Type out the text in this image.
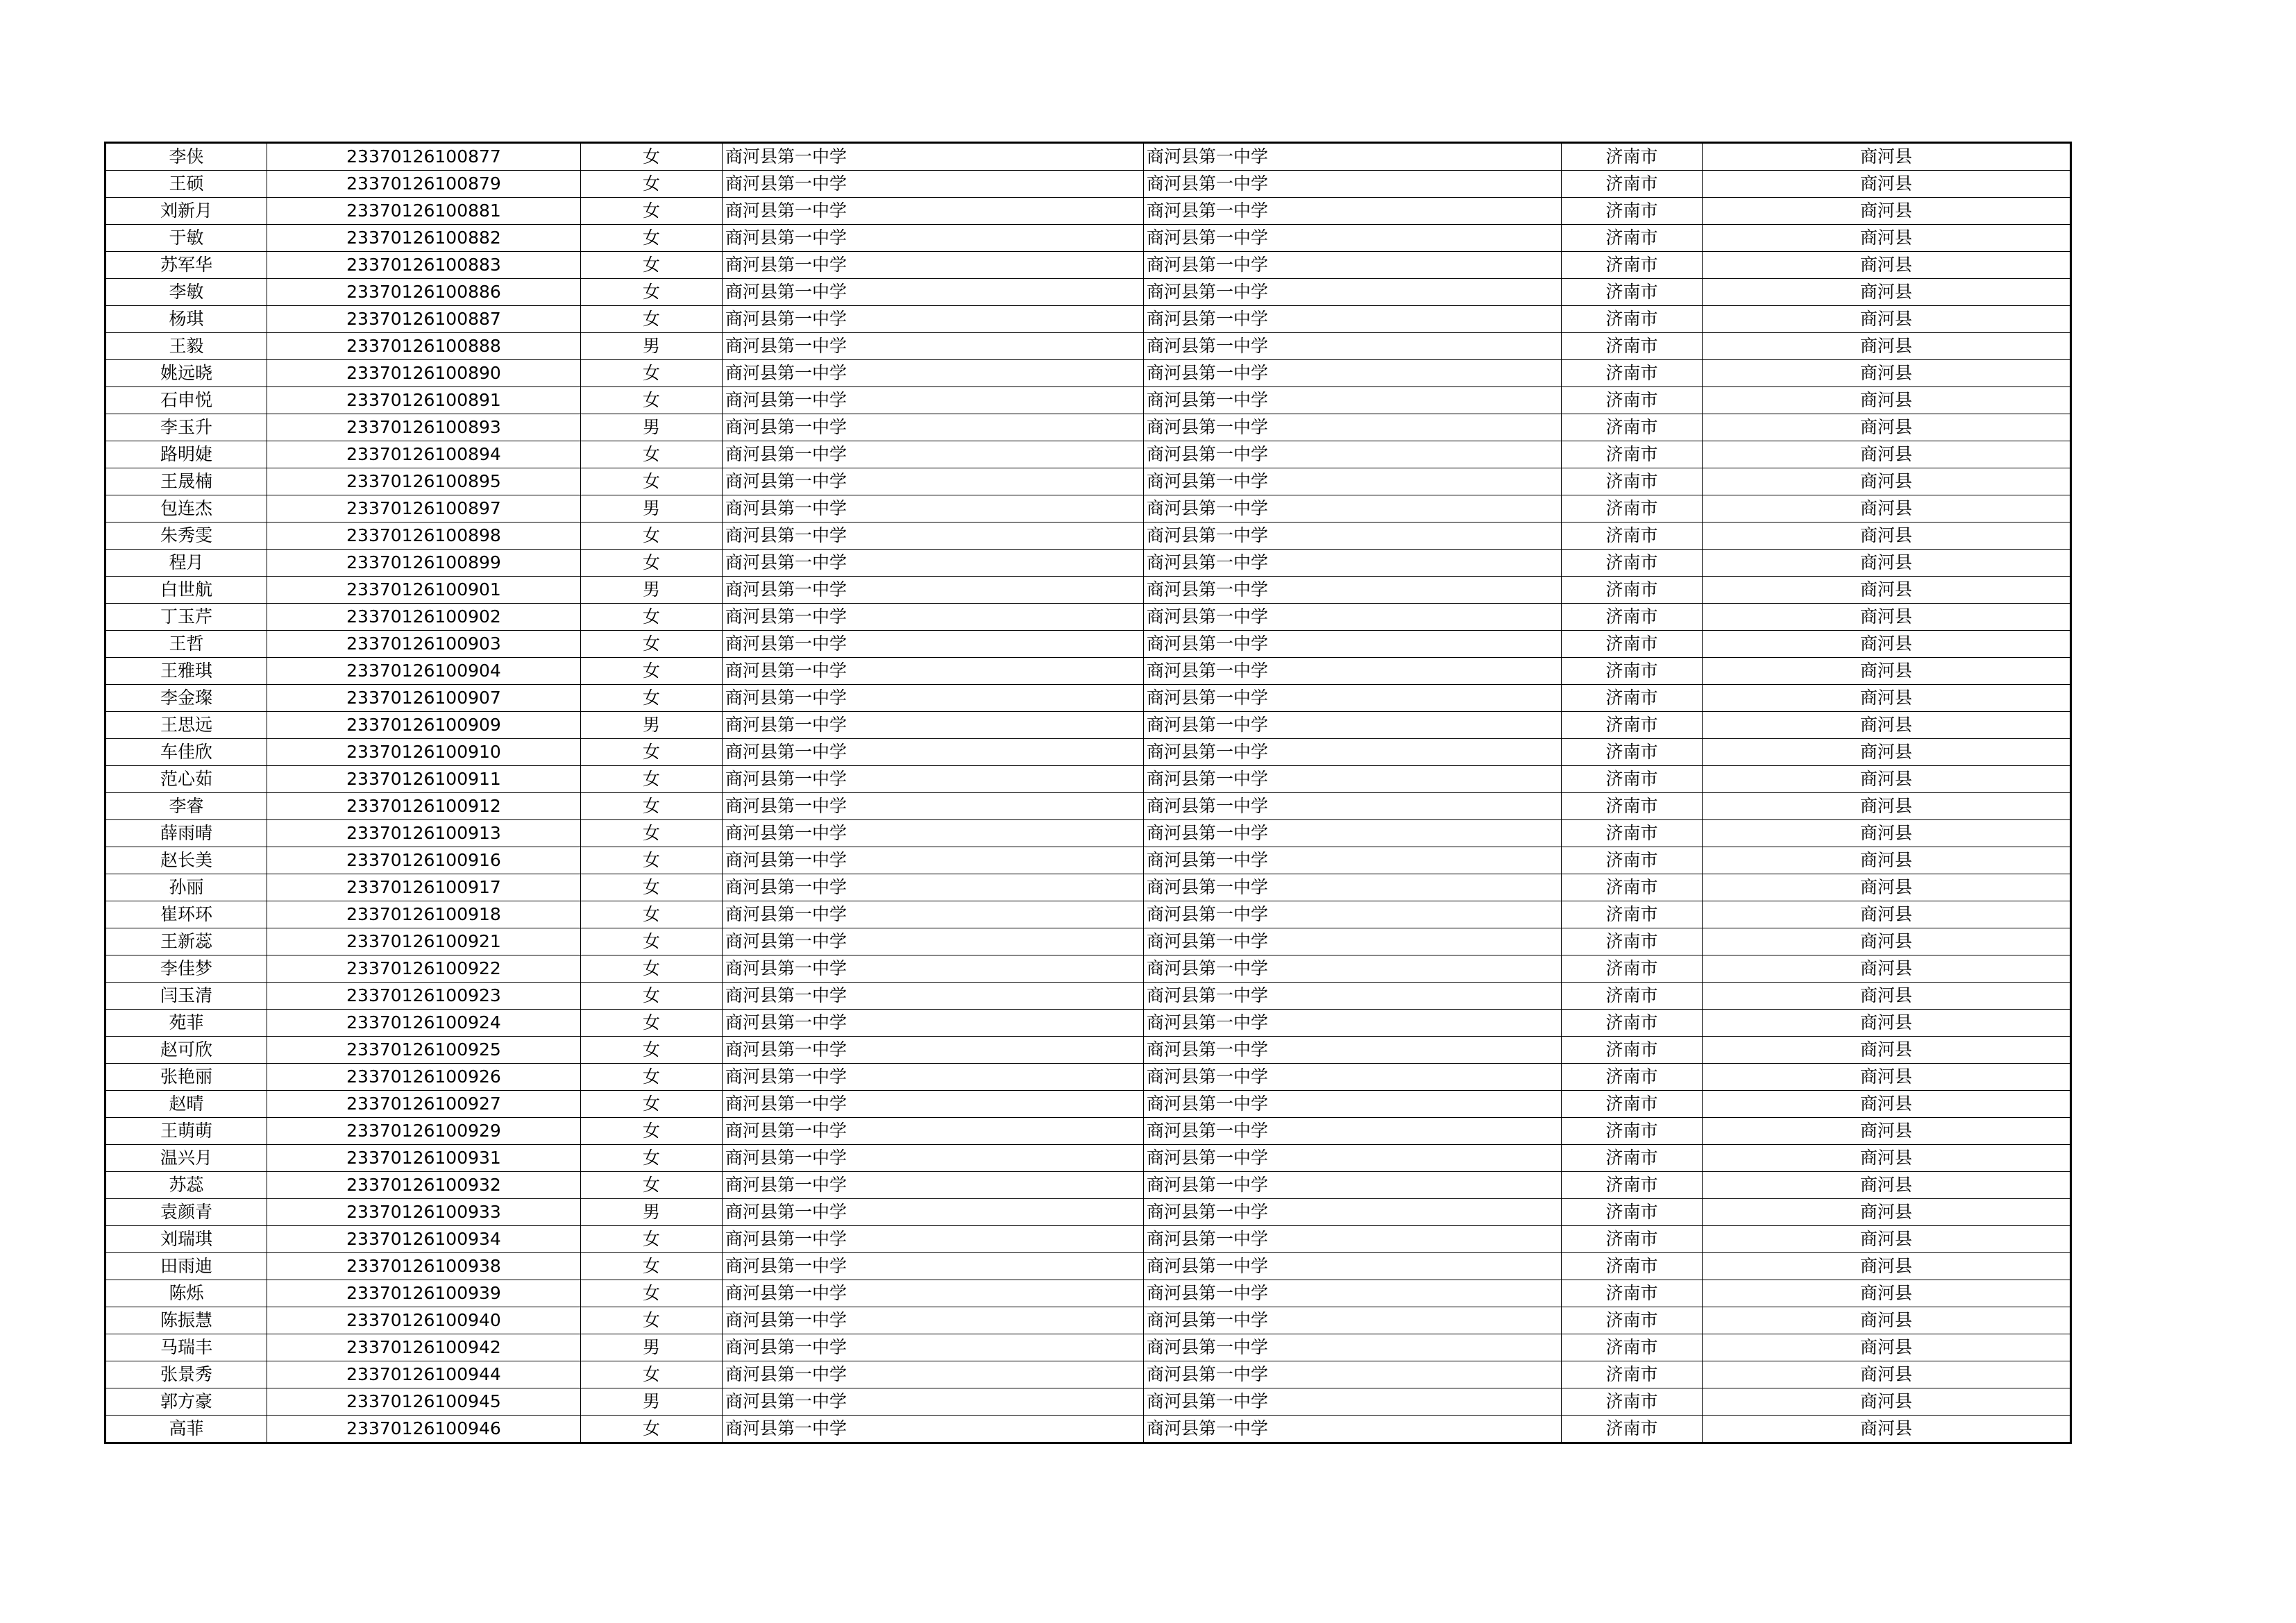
李侠	23370126100877	女	商河县第一中学	商河县第一中学	济南市	商河县
王硕	23370126100879	女	商河县第一中学	商河县第一中学	济南市	商河县
刘新月	23370126100881	女	商河县第一中学	商河县第一中学	济南市	商河县
于敏	23370126100882	女	商河县第一中学	商河县第一中学	济南市	商河县
苏军华	23370126100883	女	商河县第一中学	商河县第一中学	济南市	商河县
李敏	23370126100886	女	商河县第一中学	商河县第一中学	济南市	商河县
杨琪	23370126100887	女	商河县第一中学	商河县第一中学	济南市	商河县
王毅	23370126100888	男	商河县第一中学	商河县第一中学	济南市	商河县
姚远晓	23370126100890	女	商河县第一中学	商河县第一中学	济南市	商河县
石申悦	23370126100891	女	商河县第一中学	商河县第一中学	济南市	商河县
李玉升	23370126100893	男	商河县第一中学	商河县第一中学	济南市	商河县
路明婕	23370126100894	女	商河县第一中学	商河县第一中学	济南市	商河县
王晟楠	23370126100895	女	商河县第一中学	商河县第一中学	济南市	商河县
包连杰	23370126100897	男	商河县第一中学	商河县第一中学	济南市	商河县
朱秀雯	23370126100898	女	商河县第一中学	商河县第一中学	济南市	商河县
程月	23370126100899	女	商河县第一中学	商河县第一中学	济南市	商河县
白世航	23370126100901	男	商河县第一中学	商河县第一中学	济南市	商河县
丁玉芹	23370126100902	女	商河县第一中学	商河县第一中学	济南市	商河县
王哲	23370126100903	女	商河县第一中学	商河县第一中学	济南市	商河县
王雅琪	23370126100904	女	商河县第一中学	商河县第一中学	济南市	商河县
李金璨	23370126100907	女	商河县第一中学	商河县第一中学	济南市	商河县
王思远	23370126100909	男	商河县第一中学	商河县第一中学	济南市	商河县
车佳欣	23370126100910	女	商河县第一中学	商河县第一中学	济南市	商河县
范心茹	23370126100911	女	商河县第一中学	商河县第一中学	济南市	商河县
李睿	23370126100912	女	商河县第一中学	商河县第一中学	济南市	商河县
薛雨晴	23370126100913	女	商河县第一中学	商河县第一中学	济南市	商河县
赵长美	23370126100916	女	商河县第一中学	商河县第一中学	济南市	商河县
孙丽	23370126100917	女	商河县第一中学	商河县第一中学	济南市	商河县
崔环环	23370126100918	女	商河县第一中学	商河县第一中学	济南市	商河县
王新蕊	23370126100921	女	商河县第一中学	商河县第一中学	济南市	商河县
李佳梦	23370126100922	女	商河县第一中学	商河县第一中学	济南市	商河县
闫玉清	23370126100923	女	商河县第一中学	商河县第一中学	济南市	商河县
苑菲	23370126100924	女	商河县第一中学	商河县第一中学	济南市	商河县
赵可欣	23370126100925	女	商河县第一中学	商河县第一中学	济南市	商河县
张艳丽	23370126100926	女	商河县第一中学	商河县第一中学	济南市	商河县
赵晴	23370126100927	女	商河县第一中学	商河县第一中学	济南市	商河县
王萌萌	23370126100929	女	商河县第一中学	商河县第一中学	济南市	商河县
温兴月	23370126100931	女	商河县第一中学	商河县第一中学	济南市	商河县
苏蕊	23370126100932	女	商河县第一中学	商河县第一中学	济南市	商河县
袁颜青	23370126100933	男	商河县第一中学	商河县第一中学	济南市	商河县
刘瑞琪	23370126100934	女	商河县第一中学	商河县第一中学	济南市	商河县
田雨迪	23370126100938	女	商河县第一中学	商河县第一中学	济南市	商河县
陈烁	23370126100939	女	商河县第一中学	商河县第一中学	济南市	商河县
陈振慧	23370126100940	女	商河县第一中学	商河县第一中学	济南市	商河县
马瑞丰	23370126100942	男	商河县第一中学	商河县第一中学	济南市	商河县
张景秀	23370126100944	女	商河县第一中学	商河县第一中学	济南市	商河县
郭方豪	23370126100945	男	商河县第一中学	商河县第一中学	济南市	商河县
高菲	23370126100946	女	商河县第一中学	商河县第一中学	济南市	商河县
